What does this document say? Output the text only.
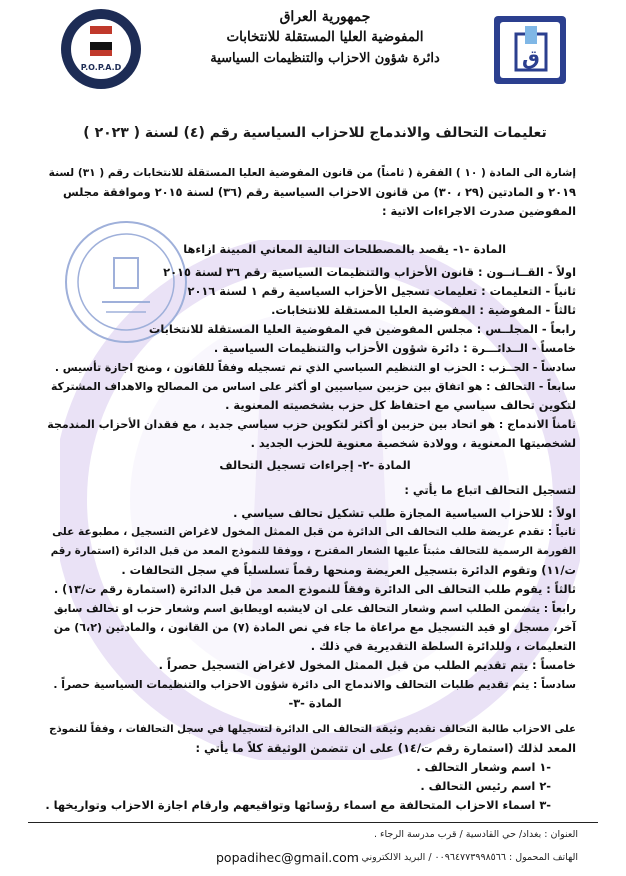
ق
P.O.P.A.D
جمهورية العراق
المفوضية العليا المستقلة للانتخابات
دائرة شؤون الاحزاب والتنظيمات السياسية
تعليمات التحالف والاندماج للاحزاب السياسية رقم (٤) لسنة ( ٢٠٢٣ )
إشارة الى المادة ( ١٠ ) الفقرة ( ثامناً) من قانون المفوضية العليا المستقلة للانتخابات رقم ( ٣١) لسنة
٢٠١٩ و المادتين (٢٩ ، ٣٠) من قانون الاحزاب السياسية رقم (٣٦) لسنة ٢٠١٥ وموافقة مجلس
المفوضين صدرت الاجراءات الاتية :
المادة -١- يقصد بالمصطلحات التالية المعاني المبينة ازاءها
اولاً - القــانــون : قانون الأحزاب والتنظيمات السياسية رقم ٣٦ لسنة ٢٠١٥
ثانياً - التعليمات : تعليمات تسجيل الأحزاب السياسية رقم ١ لسنة ٢٠١٦
ثالثاً - المفوضية : المفوضية العليا المستقلة للانتخابات.
رابعاً - المجلــس : مجلس المفوضين في المفوضية العليا المستقلة للانتخابات
خامساً - الــدائـــرة : دائرة شؤون الأحزاب والتنظيمات السياسية .
سادساً - الحــزب : الحزب او التنظيم السياسي الذي تم تسجيله وفقاً للقانون ، ومنح اجازة تأسيس .
سابعاً - التحالف : هو اتفاق بين حزبين سياسيين او أكثر على اساس من المصالح والاهداف المشتركة
لتكوين تحالف سياسي مع احتفاظ كل حزب بشخصيته المعنوية .
ثامناً الاندماج : هو اتحاد بين حزبين او أكثر لتكوين حزب سياسي جديد ، مع فقدان الأحزاب المندمجة
لشخصيتها المعنوية ، وولادة شخصية معنوية للحزب الجديد .
المادة -٢- إجراءات تسجيل التحالف
لتسجيل التحالف اتباع ما يأتي :
اولاً : للاحزاب السياسية المجازة طلب تشكيل تحالف سياسي .
ثانياً : تقدم عريضة طلب التحالف الى الدائرة من قبل الممثل المخول لاغراض التسجيل ، مطبوعة على
الفورمة الرسمية للتحالف مثبتاً عليها الشعار المقترح ، ووفقا للنموذج المعد من قبل الدائرة (استمارة رقم
ت/١١) وتقوم الدائرة بتسجيل العريضة ومنحها رقماً تسلسلياً في سجل التحالفات .
ثالثاً : يقوم طلب التحالف الى الدائرة وفقاً للنموذج المعد من قبل الدائرة (استمارة رقم ت/١٣) .
رابعاً : يتضمن الطلب اسم وشعار التحالف على ان لايشبه اويطابق اسم وشعار حزب او تحالف سابق
آخر، مسجل او قيد التسجيل مع مراعاة ما جاء في نص المادة (٧) من القانون ، والمادتين (٦،٢) من
التعليمات ، وللدائرة السلطة التقديرية في ذلك .
خامساً : يتم تقديم الطلب من قبل الممثل المخول لاغراض التسجيل حصراً .
سادساً : يتم تقديم طلبات التحالف والاندماج الى دائرة شؤون الاحزاب والتنظيمات السياسية حصراً .
المادة -٣-
على الاحزاب طالبة التحالف تقديم وثيقة التحالف الى الدائرة لتسجيلها في سجل التحالفات ، وفقاً للنموذج
المعد لذلك (استمارة رقم ت/١٤) على ان تتضمن الوثيقة كلاً ما يأتي :
-١ اسم وشعار التحالف .
-٢ اسم رئيس التحالف .
-٣ اسماء الاحزاب المتحالفة مع اسماء رؤسائها وتواقيعهم وارقام اجازة الاحزاب وتواريخها .
العنوان : بغداد/ حي القادسية / قرب مدرسة الرجاء .
الهاتف المحمول : ٠٠٩٦٤٧٧٣٩٩٨٥٦٦ / البريد الالكتروني :
popadihec@gmail.com
